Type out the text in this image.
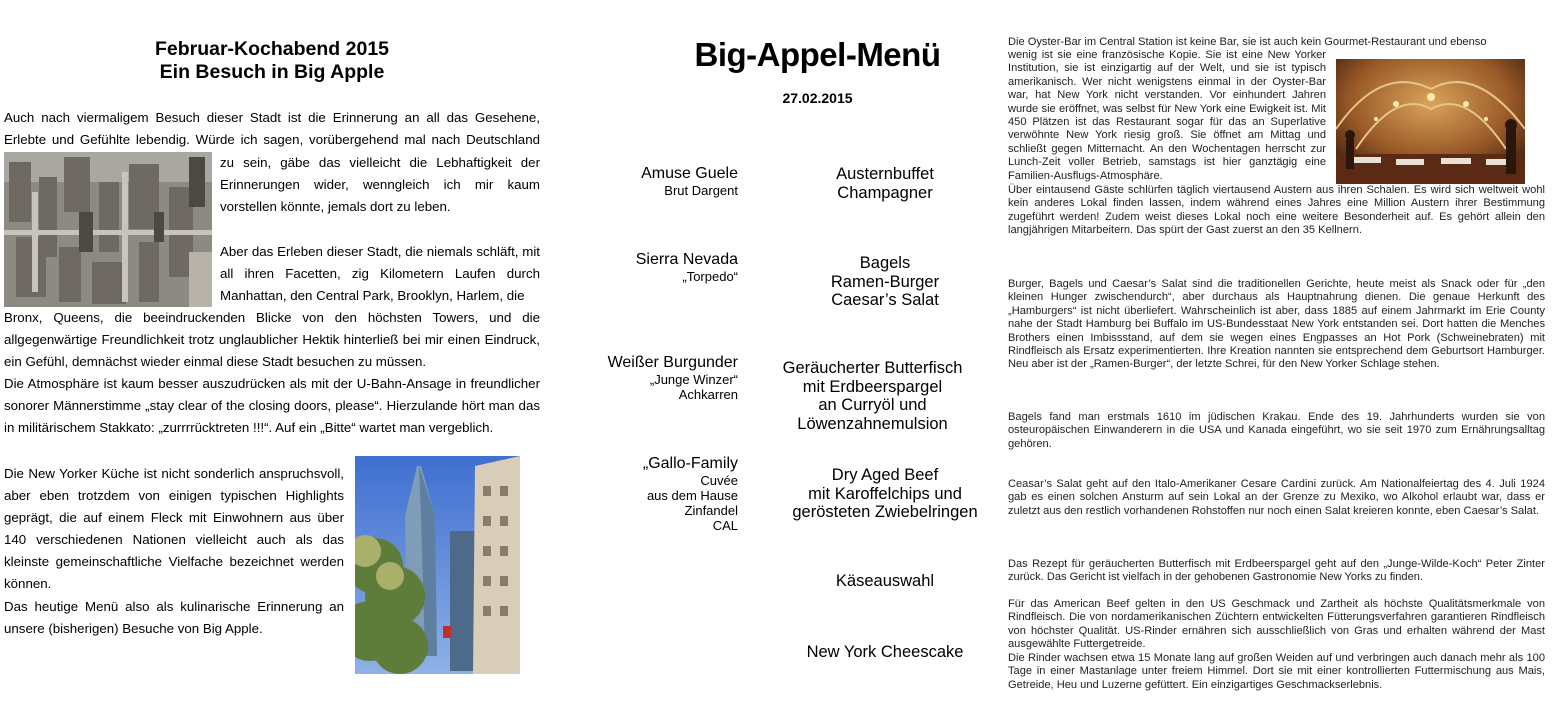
Februar-Kochabend 2015
Ein Besuch in Big Apple

Auch nach viermaligem Besuch dieser Stadt ist die Erinnerung an all das Gesehene, Erlebte und Gefühlte lebendig. Würde ich sagen, vorübergehend mal nach Deutschland

zu sein, gäbe das vielleicht die Lebhaftigkeit der Erinnerungen wider, wenngleich ich mir kaum vorstellen könnte, jemals dort zu leben.

Aber das Erleben dieser Stadt, die niemals schläft, mit all ihren Facetten, zig Kilometern Laufen durch Manhattan, den Central Park, Brooklyn, Harlem, die

Bronx, Queens, die beeindruckenden Blicke von den höchsten Towers, und die allgegenwärtige Freundlichkeit trotz unglaublicher Hektik hinterließ bei mir einen Eindruck, ein Gefühl, demnächst wieder einmal diese Stadt besuchen zu müssen.

Die Atmosphäre ist kaum besser auszudrücken als mit der U-Bahn-Ansage in freundlicher sonorer Männerstimme „stay clear of the closing doors, please“. Hierzulande hört man das in militärischem Stakkato: „zurrrrücktreten !!!“. Auf ein „Bitte“ wartet man vergeblich.

Die New Yorker Küche ist nicht sonderlich anspruchsvoll, aber eben trotzdem von einigen typischen Highlights geprägt, die auf einem Fleck mit Einwohnern aus über 140 verschiedenen Nationen vielleicht auch als das kleinste gemeinschaftliche Vielfache bezeichnet werden können.

Das heutige Menü also als kulinarische Erinnerung an unsere (bisherigen) Besuche von Big Apple.

Big-Appel-Menü
27.02.2015
Amuse Guele
Brut Dargent
Austernbuffet
Champagner
Sierra Nevada
„Torpedo“
Bagels
Ramen-Burger
Caesar’s Salat
Weißer Burgunder
„Junge Winzer“
Achkarren
Geräucherter Butterfisch
mit Erdbeerspargel
an Curryöl und Löwenzahnemulsion
„Gallo-Family
Cuvée
aus dem Hause
Zinfandel
CAL
Dry Aged Beef
mit Karoffelchips und
gerösteten Zwiebelringen
Käseauswahl
New York Cheescake

Die Oyster-Bar im Central Station ist keine Bar, sie ist auch kein Gourmet-Restaurant und ebenso

wenig ist sie eine französische Kopie. Sie ist eine New Yorker Institution, sie ist einzigartig auf der Welt, und sie ist typisch amerikanisch. Wer nicht wenigstens einmal in der Oyster-Bar war, hat New York nicht verstanden. Vor einhundert Jahren wurde sie eröffnet, was selbst für New York eine Ewigkeit ist. Mit 450 Plätzen ist das Restaurant sogar für das an Superlative verwöhnte New York riesig groß. Sie öffnet am Mittag und schließt gegen Mitternacht. An den Wochentagen herrscht zur Lunch-Zeit voller Betrieb, samstags ist hier ganztägig eine Familien-Ausflugs-Atmosphäre.

Über eintausend Gäste schlürfen täglich viertausend Austern aus ihren Schalen. Es wird sich weltweit wohl kein anderes Lokal finden lassen, indem während eines Jahres eine Million Austern ihrer Bestimmung zugeführt werden! Zudem weist dieses Lokal noch eine weitere Besonderheit auf. Es gehört allein den langjährigen Mitarbeitern. Das spürt der Gast zuerst an den 35 Kellnern.

Burger, Bagels und Caesar’s Salat sind die traditionellen Gerichte, heute meist als Snack oder für „den kleinen Hunger zwischendurch“, aber durchaus als Hauptnahrung dienen. Die genaue Herkunft des „Hamburgers“ ist nicht überliefert. Wahrscheinlich ist aber, dass 1885 auf einem Jahrmarkt im Erie County nahe der Stadt Hamburg bei Buffalo im US-Bundesstaat New York entstanden sei. Dort hatten die Menches Brothers einen Imbissstand, auf dem sie wegen eines Engpasses an Hot Pork (Schweinebraten) mit Rindfleisch als Ersatz experimentierten. Ihre Kreation nannten sie entsprechend dem Geburtsort Hamburger. Neu aber ist der „Ramen-Burger“, der letzte Schrei, für den New Yorker Schlage stehen.

Bagels fand man erstmals 1610 im jüdischen Krakau. Ende des 19. Jahrhunderts wurden sie von osteuropäischen Einwanderern in die USA und Kanada eingeführt, wo sie seit 1970 zum Ernährungsalltag gehören.

Ceasar’s Salat geht auf den Italo-Amerikaner Cesare Cardini zurück. Am Nationalfeiertag des 4. Juli 1924 gab es einen solchen Ansturm auf sein Lokal an der Grenze zu Mexiko, wo Alkohol erlaubt war, dass er zuletzt aus den restlich vorhandenen Rohstoffen nur noch einen Salat kreieren konnte, eben Caesar’s Salat.

Das Rezept für geräucherten Butterfisch mit Erdbeerspargel geht auf den „Junge-Wilde-Koch“ Peter Zinter zurück. Das Gericht ist vielfach in der gehobenen Gastronomie New Yorks zu finden.

Für das American Beef gelten in den US Geschmack und Zartheit als höchste Qualitätsmerkmale von Rindfleisch. Die von nordamerikanischen Züchtern entwickelten Fütterungsverfahren garantieren Rindfleisch von höchster Qualität. US-Rinder ernähren sich ausschließlich von Gras und erhalten während der Mast ausgewählte Futtergetreide.

Die Rinder wachsen etwa 15 Monate lang auf großen Weiden auf und verbringen auch danach mehr als 100 Tage in einer Mastanlage unter freiem Himmel. Dort sie mit einer kontrollierten Futtermischung aus Mais, Getreide, Heu und Luzerne gefüttert. Ein einzigartiges Geschmackserlebnis.
